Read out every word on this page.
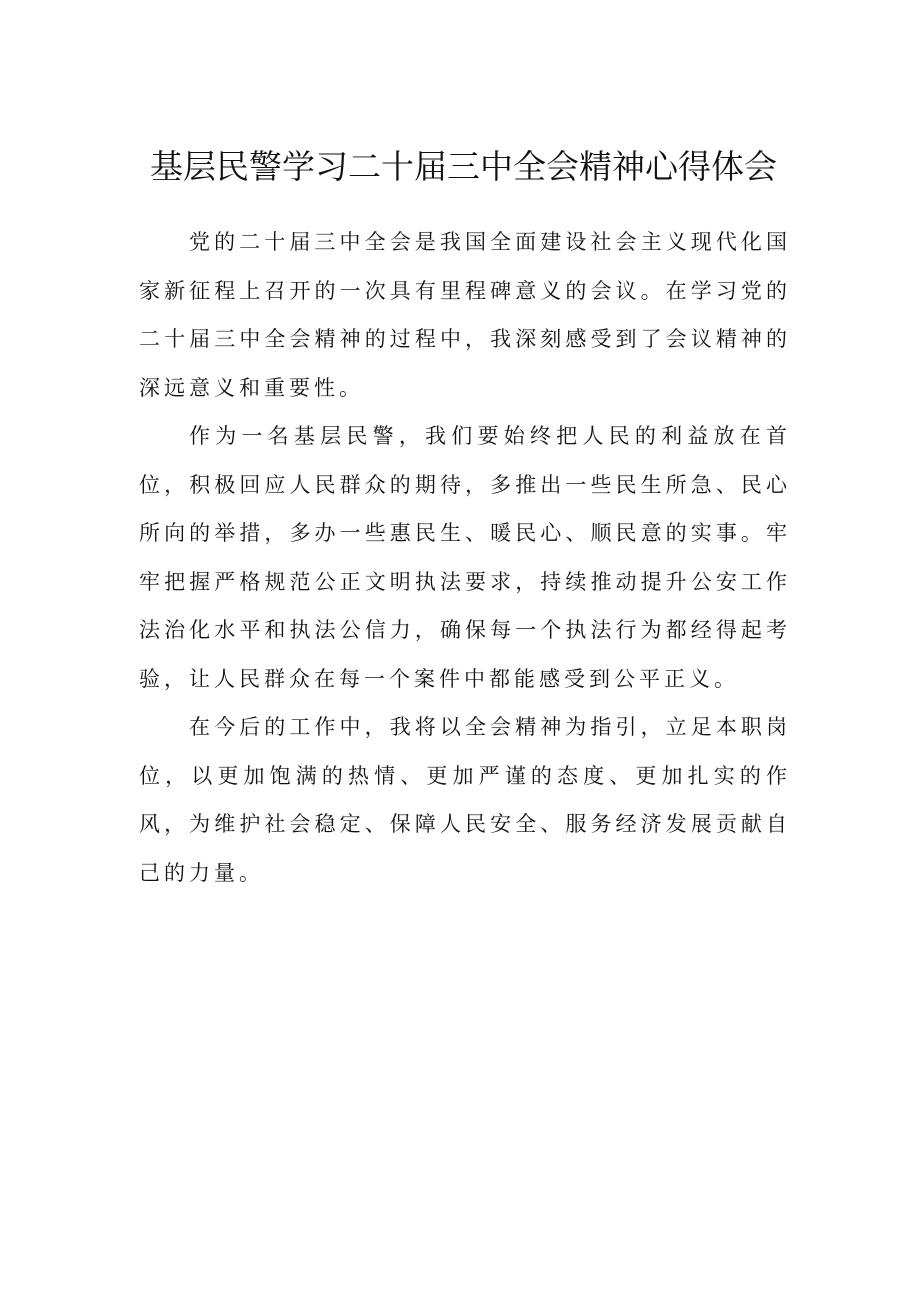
基层民警学习二十届三中全会精神心得体会

党的二十届三中全会是我国全面建设社会主义现代化国家新征程上召开的一次具有里程碑意义的会议。在学习党的二十届三中全会精神的过程中，我深刻感受到了会议精神的深远意义和重要性。

作为一名基层民警，我们要始终把人民的利益放在首位，积极回应人民群众的期待，多推出一些民生所急、民心所向的举措，多办一些惠民生、暖民心、顺民意的实事。牢牢把握严格规范公正文明执法要求，持续推动提升公安工作法治化水平和执法公信力，确保每一个执法行为都经得起考验，让人民群众在每一个案件中都能感受到公平正义。

在今后的工作中，我将以全会精神为指引，立足本职岗位，以更加饱满的热情、更加严谨的态度、更加扎实的作风，为维护社会稳定、保障人民安全、服务经济发展贡献自己的力量。
